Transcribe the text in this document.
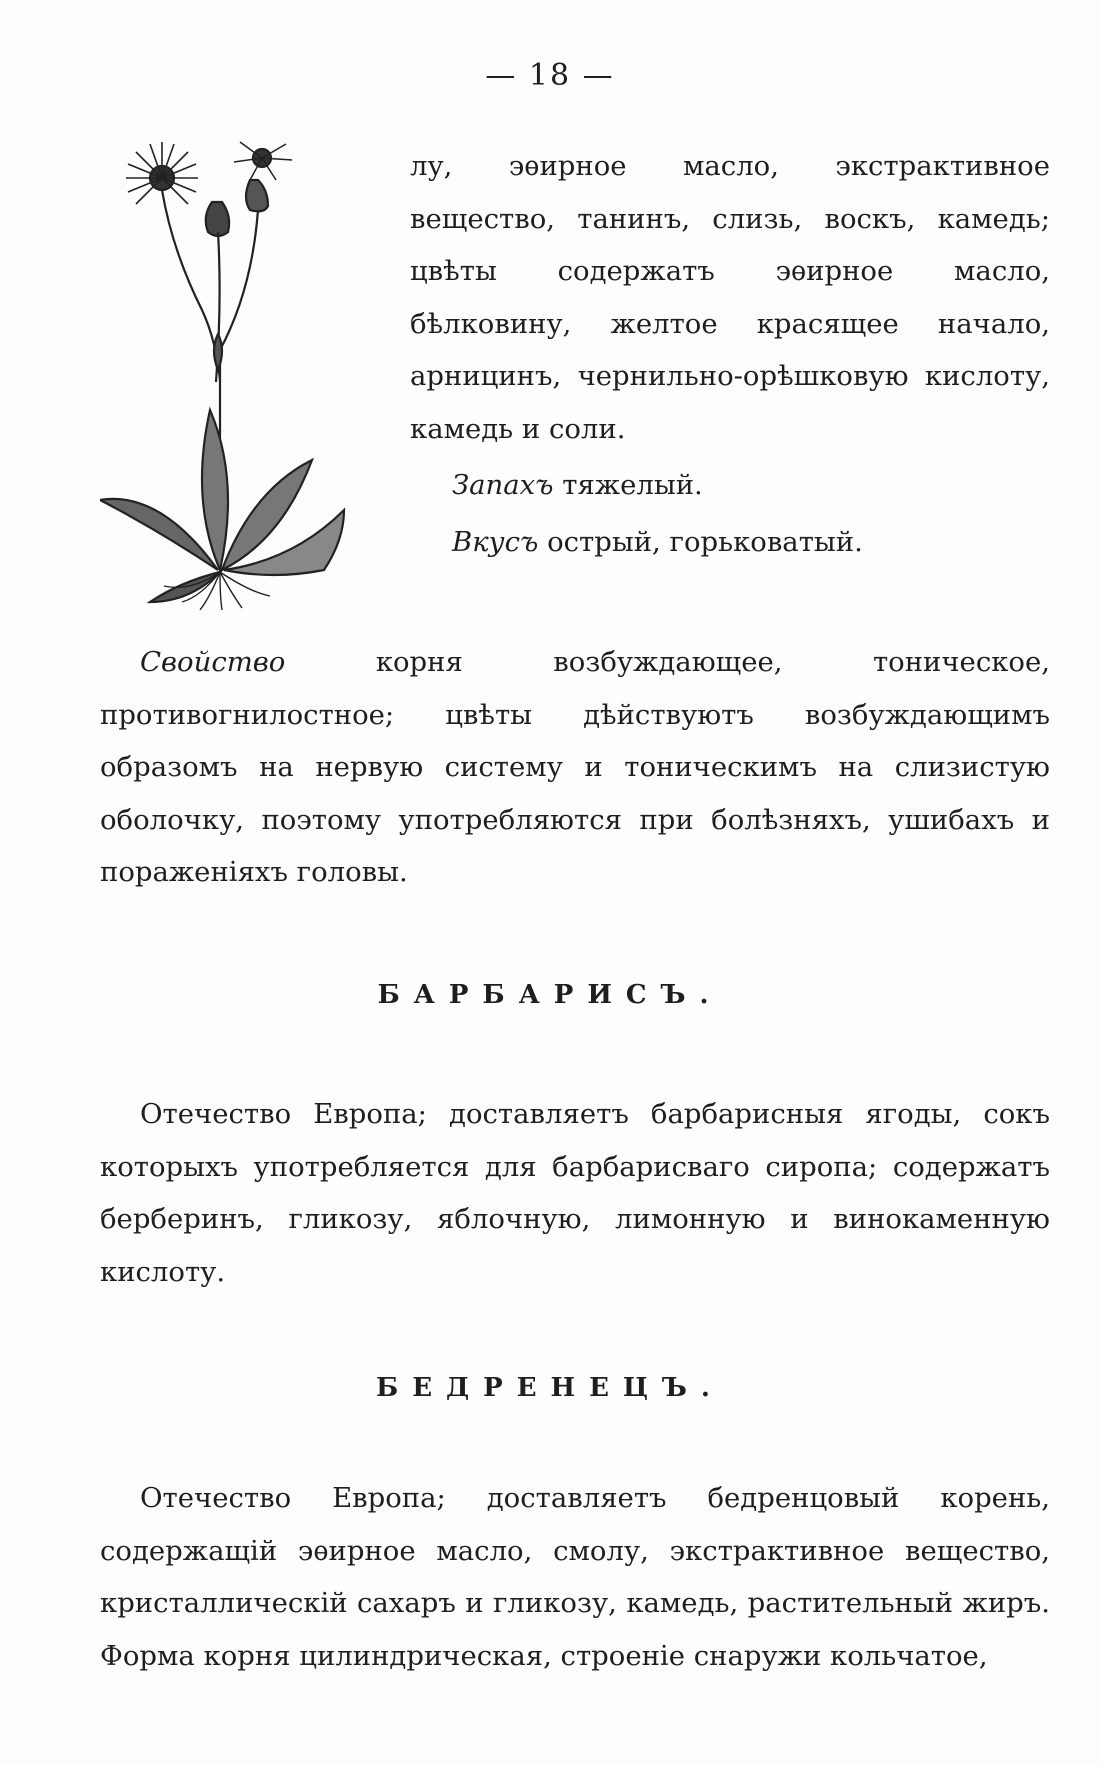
— 18 —

лу, эѳирное масло, экстрактивное вещество, танинъ, слизь, воскъ, камедь; цвѣты содержатъ эѳирное масло, бѣлковину, желтое красящее начало, арницинъ, чернильно-орѣшковую кислоту, камедь и соли.

Запахъ тяжелый.

Вкусъ острый, горьковатый.

Свойство корня возбуждающее, тоническое, противогнилостное; цвѣты дѣйствуютъ возбуждающимъ образомъ на нервую систему и тоническимъ на слизистую оболочку, поэтому употребляются при болѣзняхъ, ушибахъ и пораженіяхъ головы.

БАРБАРИСЪ.

Отечество Европа; доставляетъ барбарисныя ягоды, сокъ которыхъ употребляется для барбарисваго сиропа; содержатъ берберинъ, гликозу, яблочную, лимонную и винокаменную кислоту.

БЕДРЕНЕЦЪ.

Отечество Европа; доставляетъ бедренцовый корень, содержащій эѳирное масло, смолу, экстрактивное вещество, кристаллическій сахаръ и гликозу, камедь, растительный жиръ. Форма корня цилиндрическая, строеніе снаружи кольчатое,
